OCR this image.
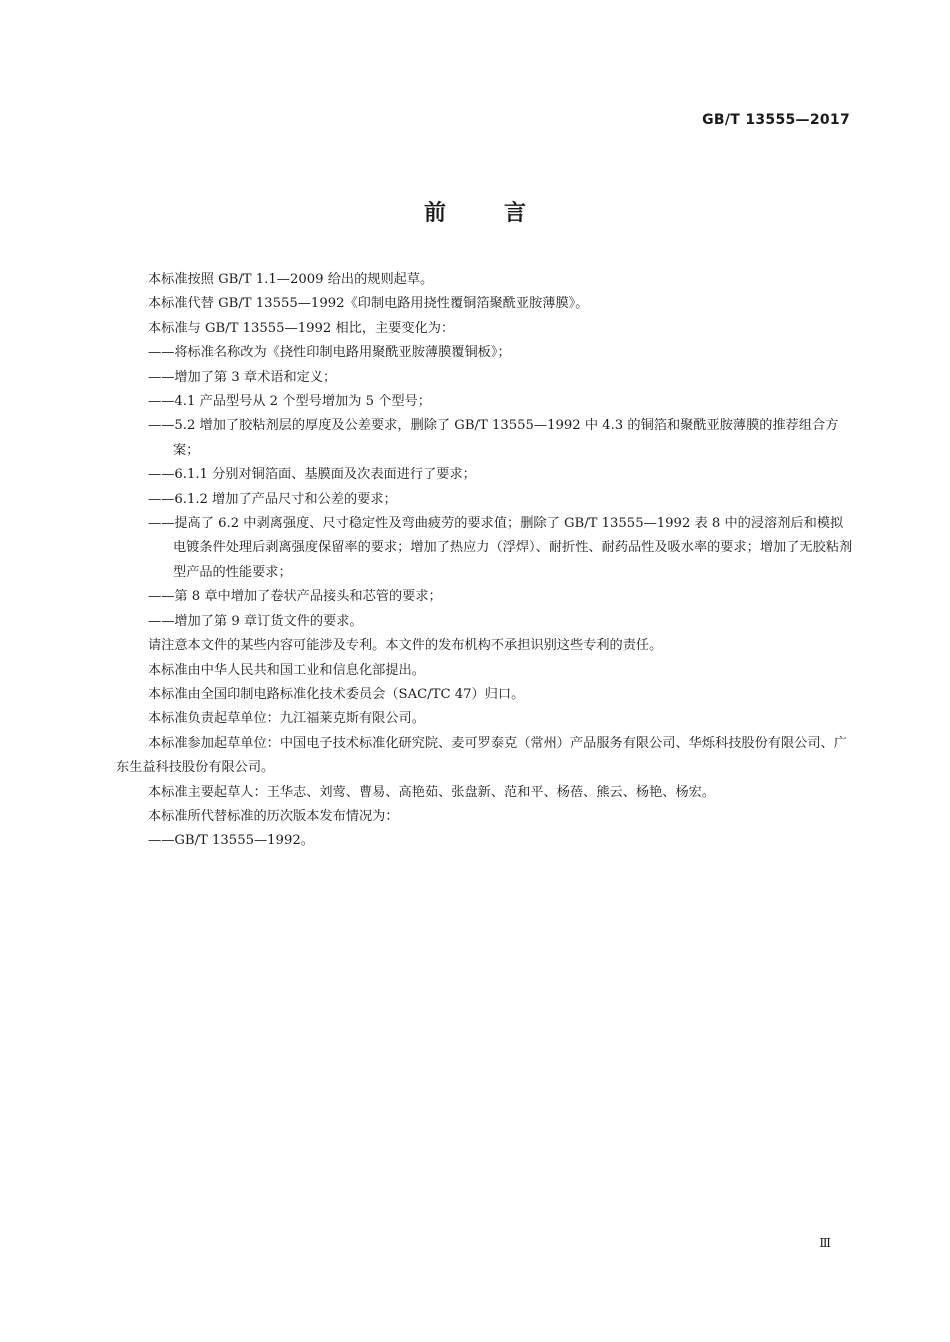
GB/T 13555—2017
前言

本标准按照 GB/T 1.1—2009 给出的规则起草。

本标准代替 GB/T 13555—1992《印制电路用挠性覆铜箔聚酰亚胺薄膜》。

本标准与 GB/T 13555—1992 相比，主要变化为：

——将标准名称改为《挠性印制电路用聚酰亚胺薄膜覆铜板》；

——增加了第 3 章术语和定义；

——4.1 产品型号从 2 个型号增加为 5 个型号；

——5.2 增加了胶粘剂层的厚度及公差要求，删除了 GB/T 13555—1992 中 4.3 的铜箔和聚酰亚胺薄膜的推荐组合方案；

——6.1.1 分别对铜箔面、基膜面及次表面进行了要求；

——6.1.2 增加了产品尺寸和公差的要求；

——提高了 6.2 中剥离强度、尺寸稳定性及弯曲疲劳的要求值；删除了 GB/T 13555—1992 表 8 中的浸溶剂后和模拟电镀条件处理后剥离强度保留率的要求；增加了热应力（浮焊）、耐折性、耐药品性及吸水率的要求；增加了无胶粘剂型产品的性能要求；

——第 8 章中增加了卷状产品接头和芯管的要求；

——增加了第 9 章订货文件的要求。

请注意本文件的某些内容可能涉及专利。本文件的发布机构不承担识别这些专利的责任。

本标准由中华人民共和国工业和信息化部提出。

本标准由全国印制电路标准化技术委员会（SAC/TC 47）归口。

本标准负责起草单位：九江福莱克斯有限公司。

本标准参加起草单位：中国电子技术标准化研究院、麦可罗泰克（常州）产品服务有限公司、华烁科技股份有限公司、广东生益科技股份有限公司。

本标准主要起草人：王华志、刘莺、曹易、高艳茹、张盘新、范和平、杨蓓、熊云、杨艳、杨宏。

本标准所代替标准的历次版本发布情况为：

——GB/T 13555—1992。

Ⅲ
